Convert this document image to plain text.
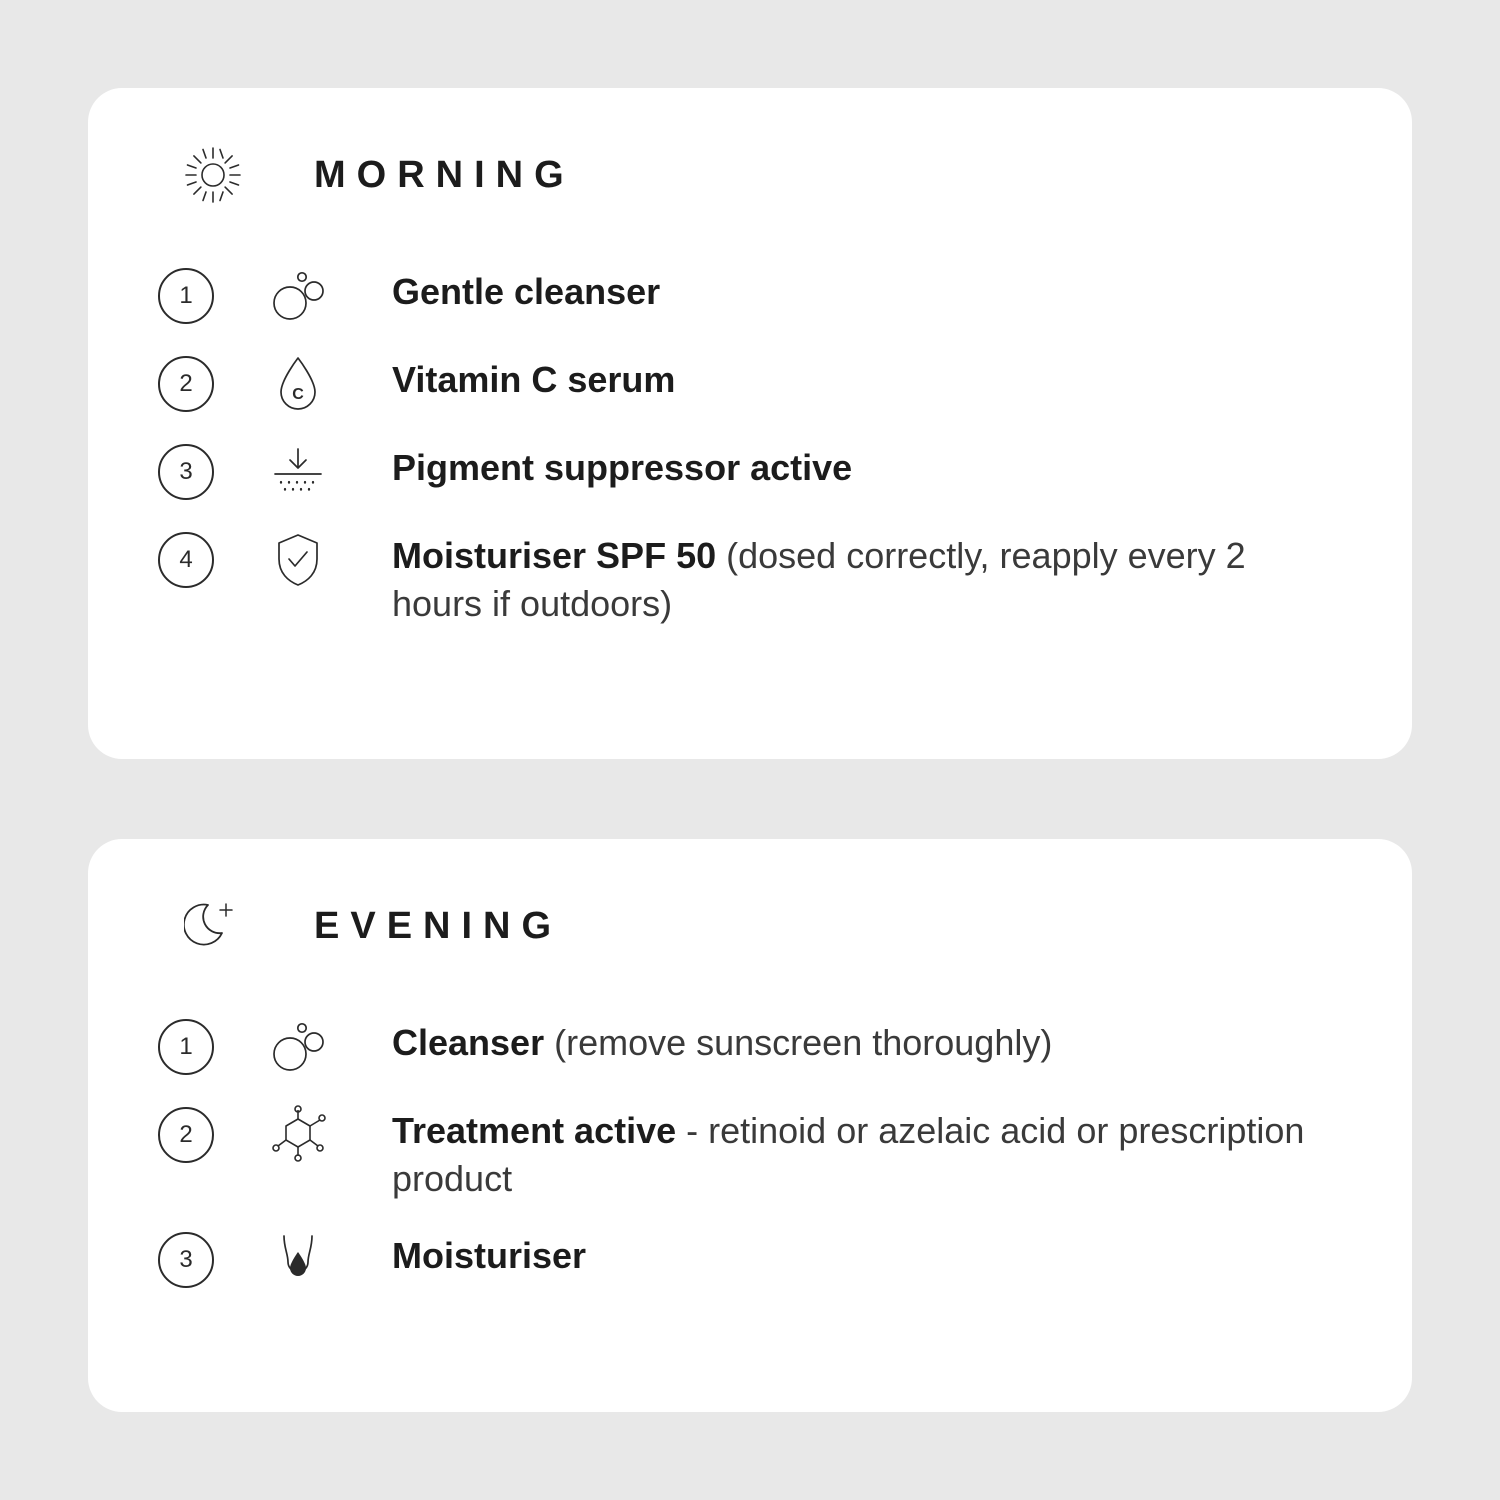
MORNING
1	Gentle cleanser
2	C Vitamin C serum
3	Pigment suppressor active
4	Moisturiser SPF 50 (dosed correctly, reapply every 2 hours if outdoors)
EVENING
1	Cleanser (remove sunscreen thoroughly)
2	Treatment active - retinoid or azelaic acid or prescription product
3	Moisturiser
